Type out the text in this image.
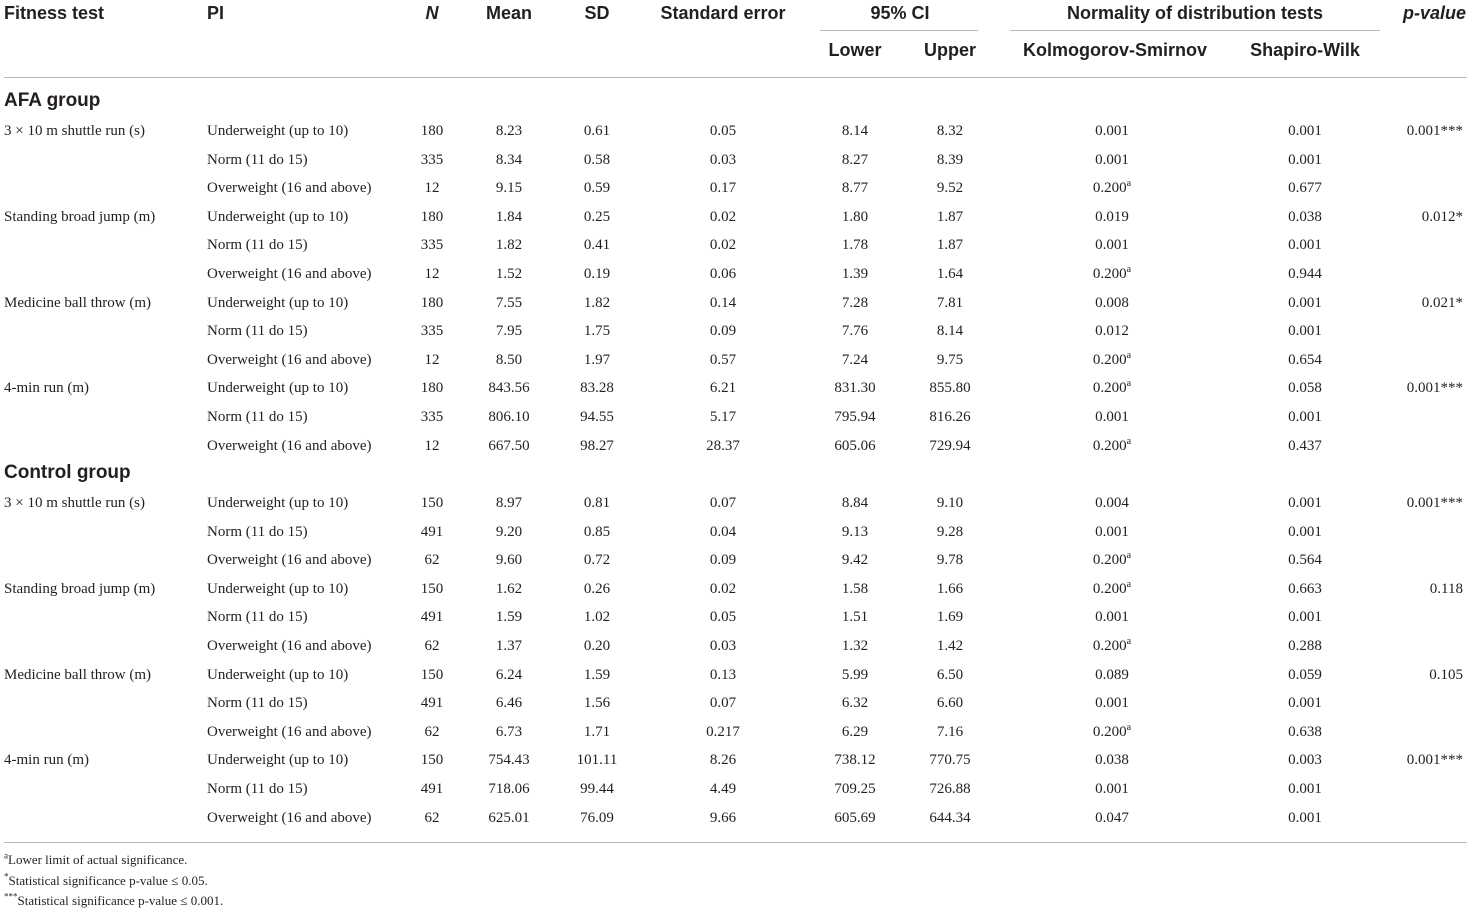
Fitness test	PI	N	Mean	SD	Standard error	95% CI	Normality of distribution tests	p-value
Lower	Upper	Kolmogorov-Smirnov	Shapiro-Wilk
AFA group
3 × 10 m shuttle run (s)	Underweight (up to 10)	180	8.23	0.61	0.05	8.14	8.32	0.001	0.001	0.001***
Norm (11 do 15)	335	8.34	0.58	0.03	8.27	8.39	0.001	0.001
Overweight (16 and above)	12	9.15	0.59	0.17	8.77	9.52	0.200$^a$	0.677
Standing broad jump (m)	Underweight (up to 10)	180	1.84	0.25	0.02	1.80	1.87	0.019	0.038	0.012*
Norm (11 do 15)	335	1.82	0.41	0.02	1.78	1.87	0.001	0.001
Overweight (16 and above)	12	1.52	0.19	0.06	1.39	1.64	0.200$^a$	0.944
Medicine ball throw (m)	Underweight (up to 10)	180	7.55	1.82	0.14	7.28	7.81	0.008	0.001	0.021*
Norm (11 do 15)	335	7.95	1.75	0.09	7.76	8.14	0.012	0.001
Overweight (16 and above)	12	8.50	1.97	0.57	7.24	9.75	0.200$^a$	0.654
4-min run (m)	Underweight (up to 10)	180	843.56	83.28	6.21	831.30	855.80	0.200$^a$	0.058	0.001***
Norm (11 do 15)	335	806.10	94.55	5.17	795.94	816.26	0.001	0.001
Overweight (16 and above)	12	667.50	98.27	28.37	605.06	729.94	0.200$^a$	0.437
Control group
3 × 10 m shuttle run (s)	Underweight (up to 10)	150	8.97	0.81	0.07	8.84	9.10	0.004	0.001	0.001***
Norm (11 do 15)	491	9.20	0.85	0.04	9.13	9.28	0.001	0.001
Overweight (16 and above)	62	9.60	0.72	0.09	9.42	9.78	0.200$^a$	0.564
Standing broad jump (m)	Underweight (up to 10)	150	1.62	0.26	0.02	1.58	1.66	0.200$^a$	0.663	0.118
Norm (11 do 15)	491	1.59	1.02	0.05	1.51	1.69	0.001	0.001
Overweight (16 and above)	62	1.37	0.20	0.03	1.32	1.42	0.200$^a$	0.288
Medicine ball throw (m)	Underweight (up to 10)	150	6.24	1.59	0.13	5.99	6.50	0.089	0.059	0.105
Norm (11 do 15)	491	6.46	1.56	0.07	6.32	6.60	0.001	0.001
Overweight (16 and above)	62	6.73	1.71	0.217	6.29	7.16	0.200$^a$	0.638
4-min run (m)	Underweight (up to 10)	150	754.43	101.11	8.26	738.12	770.75	0.038	0.003	0.001***
Norm (11 do 15)	491	718.06	99.44	4.49	709.25	726.88	0.001	0.001
Overweight (16 and above)	62	625.01	76.09	9.66	605.69	644.34	0.047	0.001
$^a$Lower limit of actual significance.
*Statistical significance p-value ≤ 0.05.
***Statistical significance p-value ≤ 0.001.
